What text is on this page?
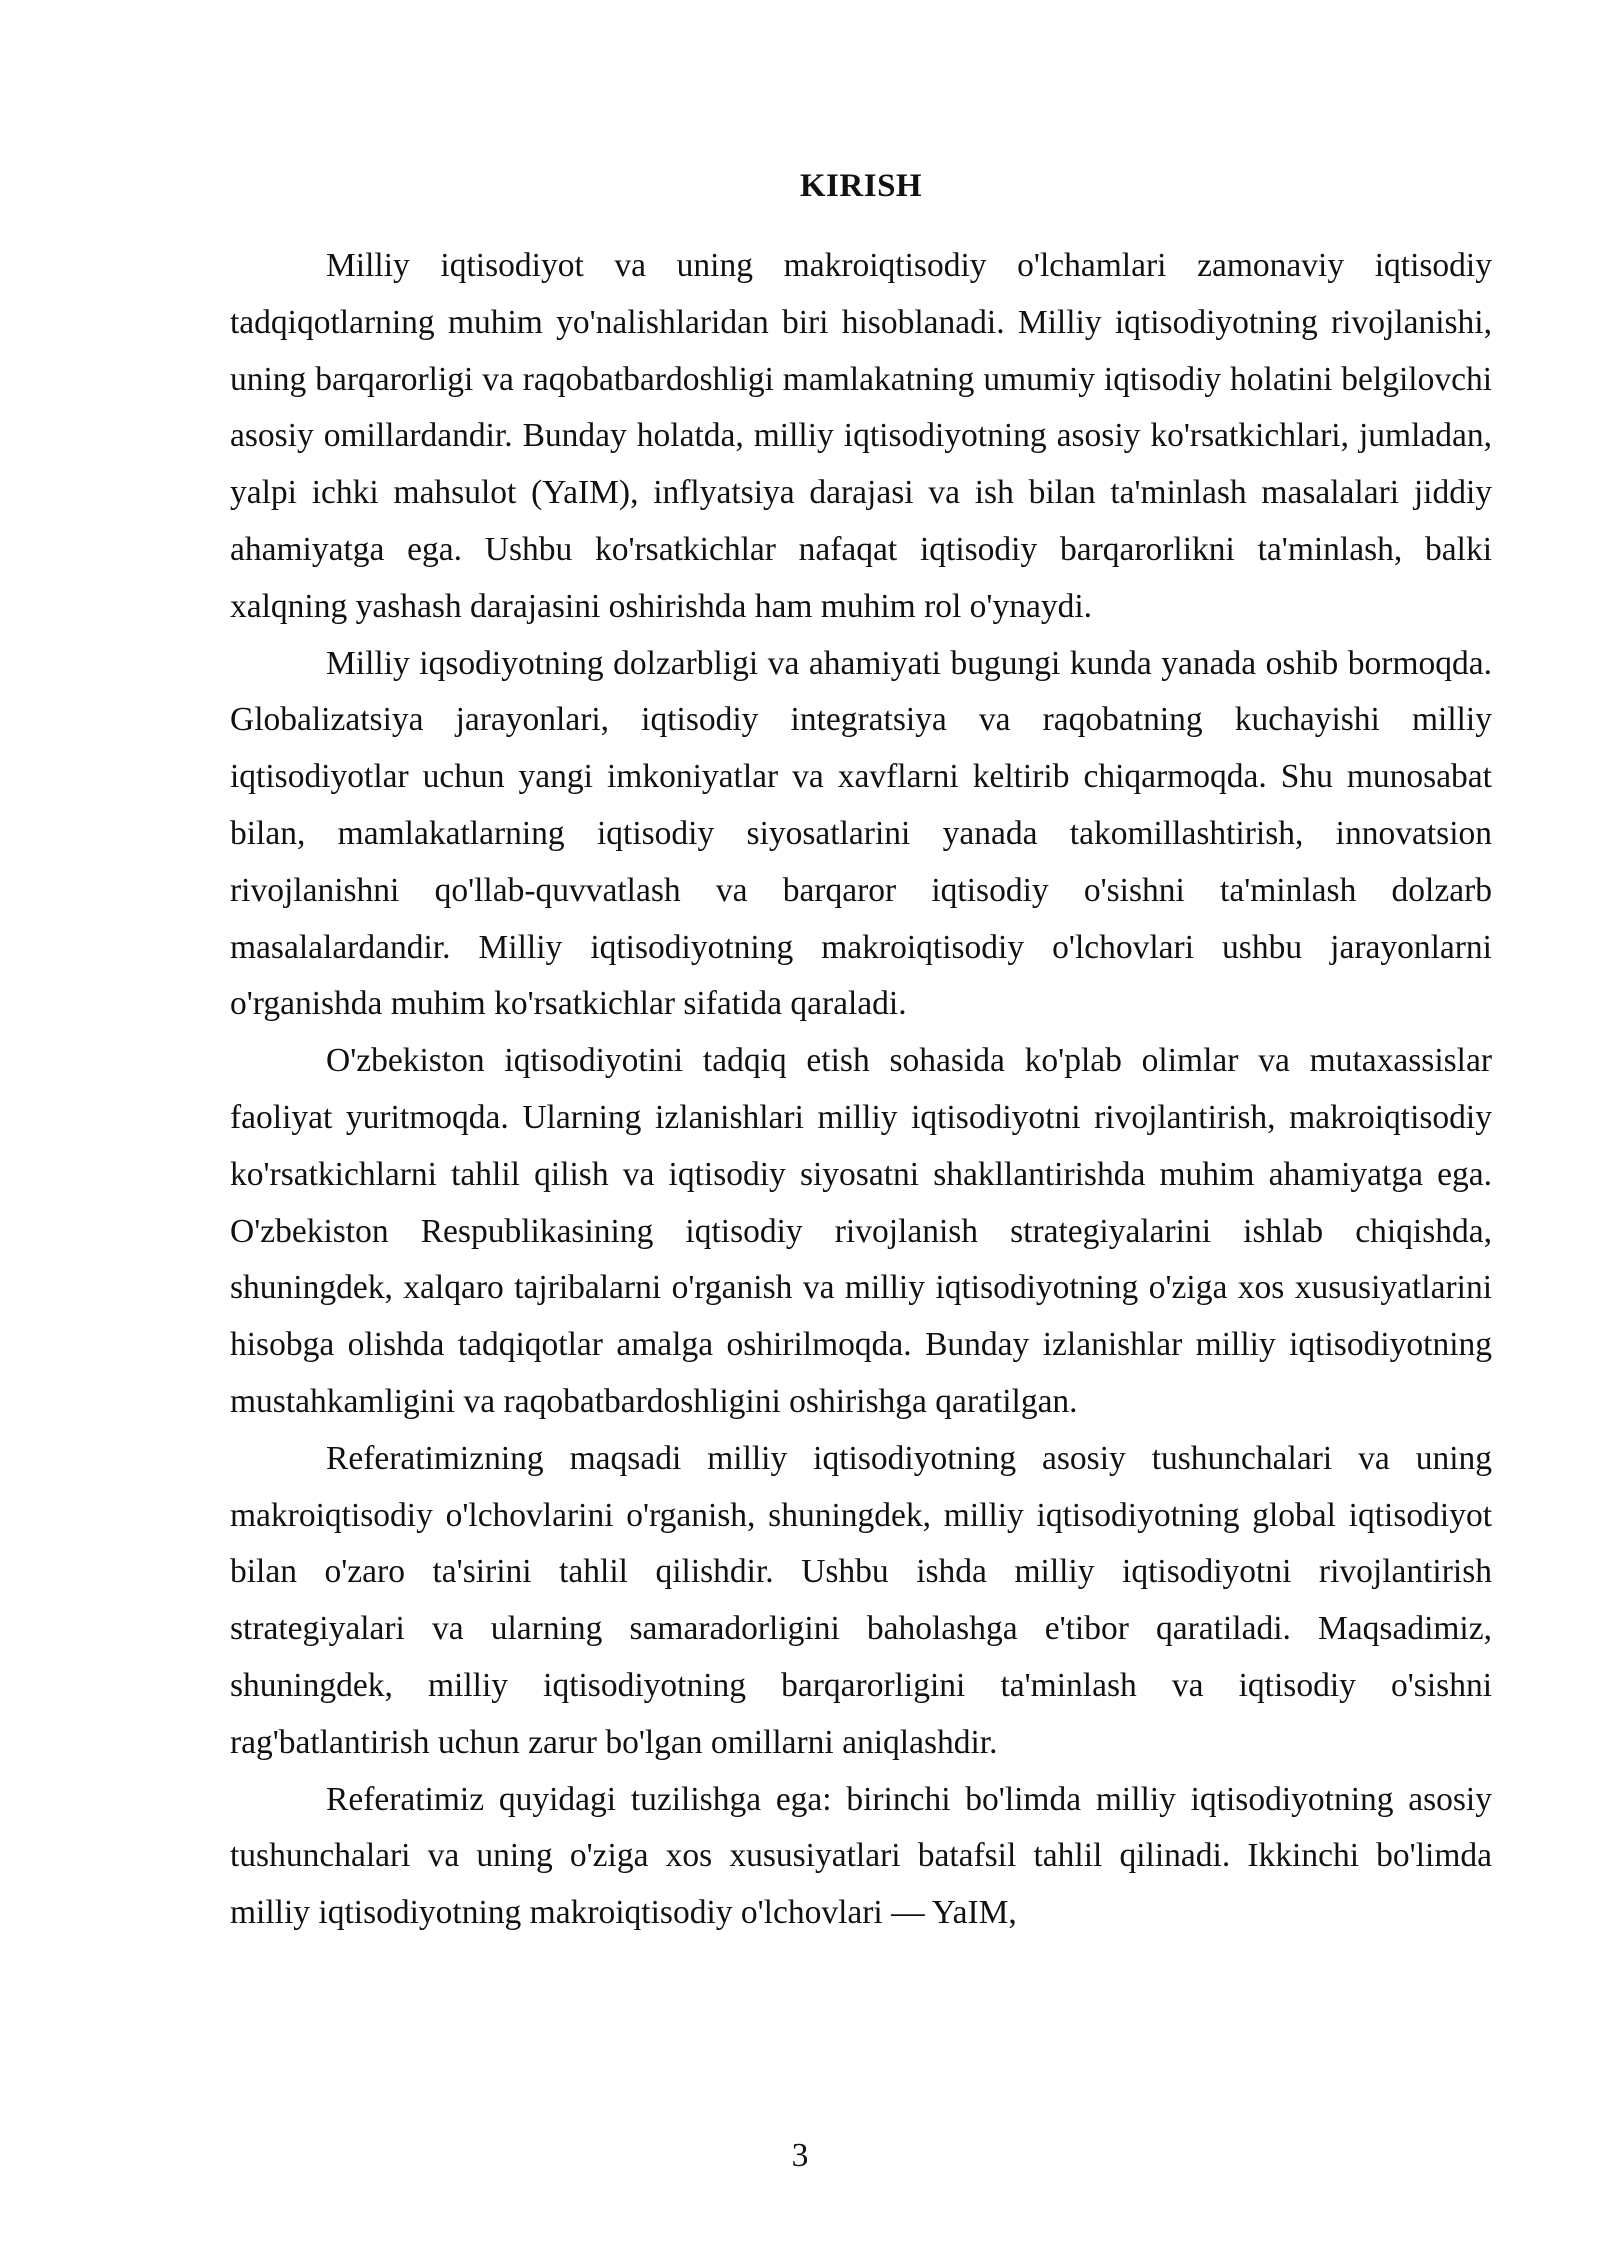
KIRISH

Milliy iqtisodiyot va uning makroiqtisodiy o'lchamlari zamonaviy iqtisodiy tadqiqotlarning muhim yo'nalishlaridan biri hisoblanadi. Milliy iqtisodiyotning rivojlanishi, uning barqarorligi va raqobatbardoshligi mamlakatning umumiy iqtisodiy holatini belgilovchi asosiy omillardandir. Bunday holatda, milliy iqtisodiyotning asosiy ko'rsatkichlari, jumladan, yalpi ichki mahsulot (YaIM), inflyatsiya darajasi va ish bilan ta'minlash masalalari jiddiy ahamiyatga ega. Ushbu ko'rsatkichlar nafaqat iqtisodiy barqarorlikni ta'minlash, balki xalqning yashash darajasini oshirishda ham muhim rol o'ynaydi.

Milliy iqsodiyotning dolzarbligi va ahamiyati bugungi kunda yanada oshib bormoqda. Globalizatsiya jarayonlari, iqtisodiy integratsiya va raqobatning kuchayishi milliy iqtisodiyotlar uchun yangi imkoniyatlar va xavflarni keltirib chiqarmoqda. Shu munosabat bilan, mamlakatlarning iqtisodiy siyosatlarini yanada takomillashtirish, innovatsion rivojlanishni qo'llab-quvvatlash va barqaror iqtisodiy o'sishni ta'minlash dolzarb masalalardandir. Milliy iqtisodiyotning makroiqtisodiy o'lchovlari ushbu jarayonlarni o'rganishda muhim ko'rsatkichlar sifatida qaraladi.

O'zbekiston iqtisodiyotini tadqiq etish sohasida ko'plab olimlar va mutaxassislar faoliyat yuritmoqda. Ularning izlanishlari milliy iqtisodiyotni rivojlantirish, makroiqtisodiy ko'rsatkichlarni tahlil qilish va iqtisodiy siyosatni shakllantirishda muhim ahamiyatga ega. O'zbekiston Respublikasining iqtisodiy rivojlanish strategiyalarini ishlab chiqishda, shuningdek, xalqaro tajribalarni o'rganish va milliy iqtisodiyotning o'ziga xos xususiyatlarini hisobga olishda tadqiqotlar amalga oshirilmoqda. Bunday izlanishlar milliy iqtisodiyotning mustahkamligini va raqobatbardoshligini oshirishga qaratilgan.

Referatimizning maqsadi milliy iqtisodiyotning asosiy tushunchalari va uning makroiqtisodiy o'lchovlarini o'rganish, shuningdek, milliy iqtisodiyotning global iqtisodiyot bilan o'zaro ta'sirini tahlil qilishdir. Ushbu ishda milliy iqtisodiyotni rivojlantirish strategiyalari va ularning samaradorligini baholashga e'tibor qaratiladi. Maqsadimiz, shuningdek, milliy iqtisodiyotning barqarorligini ta'minlash va iqtisodiy o'sishni rag'batlantirish uchun zarur bo'lgan omillarni aniqlashdir.

Referatimiz quyidagi tuzilishga ega: birinchi bo'limda milliy iqtisodiyotning asosiy tushunchalari va uning o'ziga xos xususiyatlari batafsil tahlil qilinadi. Ikkinchi bo'limda milliy iqtisodiyotning makroiqtisodiy o'lchovlari — YaIM,

3
